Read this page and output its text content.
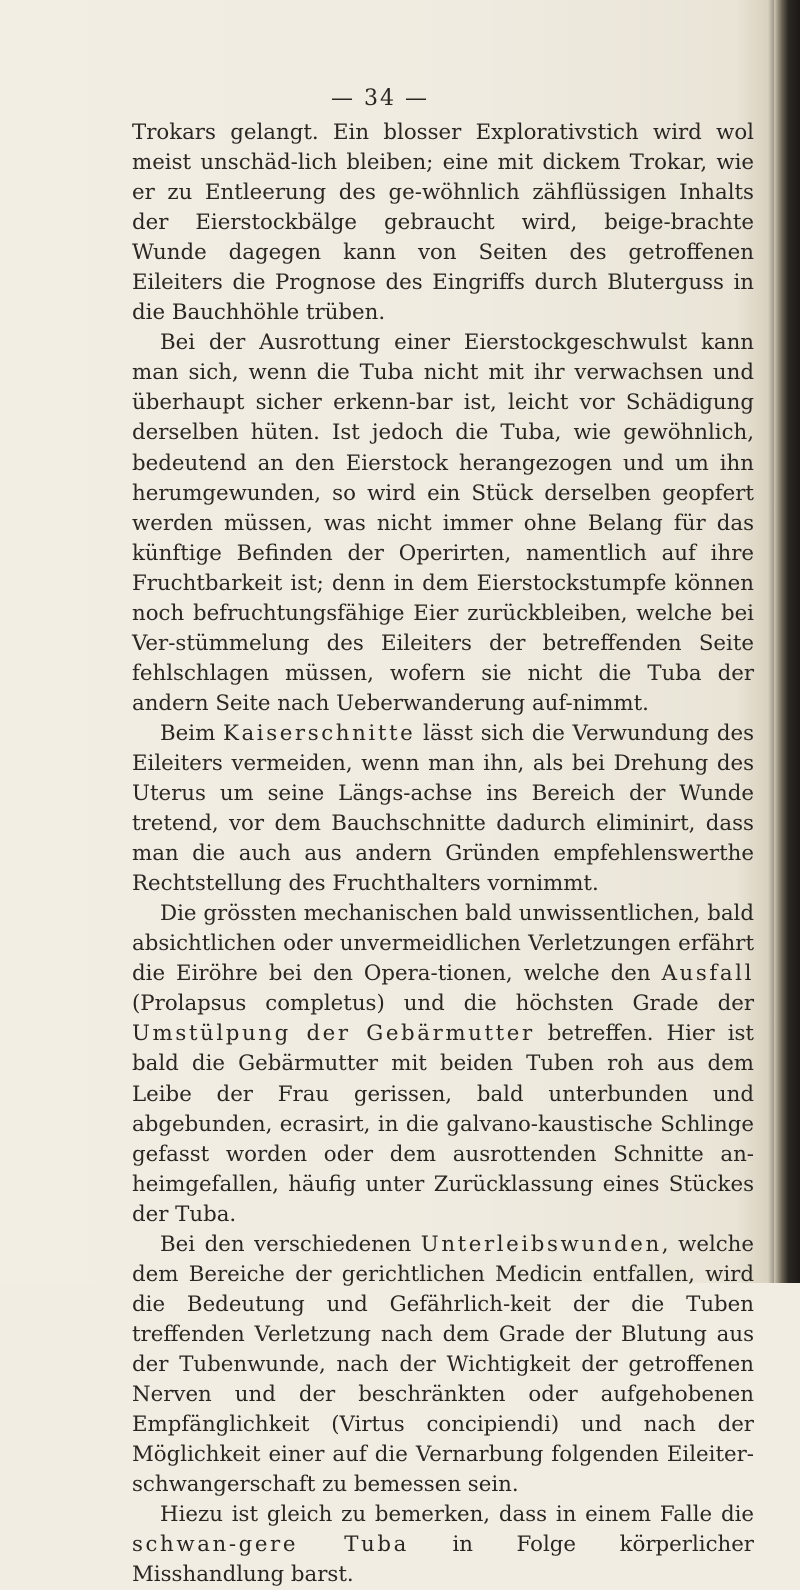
— 34 —

Trokars gelangt. Ein blosser Explorativstich wird wol meist unschäd-lich bleiben; eine mit dickem Trokar, wie er zu Entleerung des ge-wöhnlich zähflüssigen Inhalts der Eierstockbälge gebraucht wird, beige-brachte Wunde dagegen kann von Seiten des getroffenen Eileiters die Prognose des Eingriffs durch Bluterguss in die Bauchhöhle trüben.

Bei der Ausrottung einer Eierstockgeschwulst kann man sich, wenn die Tuba nicht mit ihr verwachsen und überhaupt sicher erkenn-bar ist, leicht vor Schädigung derselben hüten. Ist jedoch die Tuba, wie gewöhnlich, bedeutend an den Eierstock herangezogen und um ihn herumgewunden, so wird ein Stück derselben geopfert werden müssen, was nicht immer ohne Belang für das künftige Befinden der Operirten, namentlich auf ihre Fruchtbarkeit ist; denn in dem Eierstockstumpfe können noch befruchtungsfähige Eier zurückbleiben, welche bei Ver-stümmelung des Eileiters der betreffenden Seite fehlschlagen müssen, wofern sie nicht die Tuba der andern Seite nach Ueberwanderung auf-nimmt.

Beim Kaiserschnitte lässt sich die Verwundung des Eileiters vermeiden, wenn man ihn, als bei Drehung des Uterus um seine Längs-achse ins Bereich der Wunde tretend, vor dem Bauchschnitte dadurch eliminirt, dass man die auch aus andern Gründen empfehlenswerthe Rechtstellung des Fruchthalters vornimmt.

Die grössten mechanischen bald unwissentlichen, bald absichtlichen oder unvermeidlichen Verletzungen erfährt die Eiröhre bei den Opera-tionen, welche den Ausfall (Prolapsus completus) und die höchsten Grade der Umstülpung der Gebärmutter betreffen. Hier ist bald die Gebärmutter mit beiden Tuben roh aus dem Leibe der Frau gerissen, bald unterbunden und abgebunden, ecrasirt, in die galvano-kaustische Schlinge gefasst worden oder dem ausrottenden Schnitte an-heimgefallen, häufig unter Zurücklassung eines Stückes der Tuba.

Bei den verschiedenen Unterleibswunden, welche dem Bereiche der gerichtlichen Medicin entfallen, wird die Bedeutung und Gefährlich-keit der die Tuben treffenden Verletzung nach dem Grade der Blutung aus der Tubenwunde, nach der Wichtigkeit der getroffenen Nerven und der beschränkten oder aufgehobenen Empfänglichkeit (Virtus concipiendi) und nach der Möglichkeit einer auf die Vernarbung folgenden Eileiter-schwangerschaft zu bemessen sein.

Hiezu ist gleich zu bemerken, dass in einem Falle die schwan-gere Tuba in Folge körperlicher Misshandlung barst.
